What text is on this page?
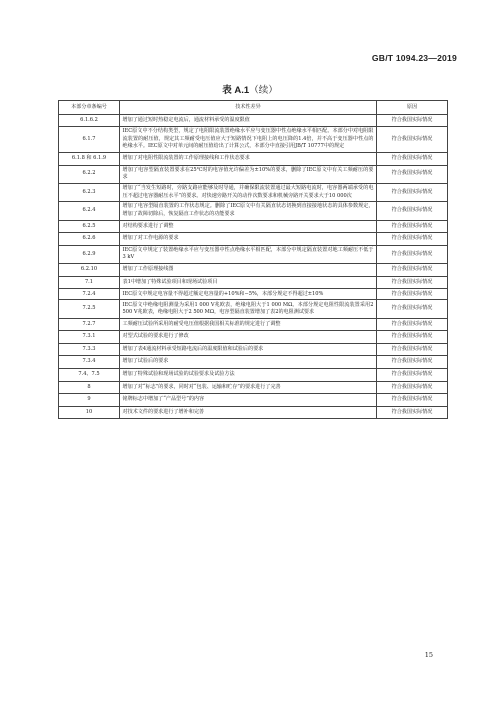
GB/T 1094.23—2019
表 A.1（续）
本部分章条编号	技术性差异	原因
6.1.6.2	增加了通过短时热稳定电流后，通流材料承受的温度限值	符合我国实际情况
6.1.7	IEC原文中不分结构类型，规定了电阻限流装置绝缘水平应与变压器中性点绝缘水平相匹配。本部分中对电阻限流装置的耐压值，规定其工频耐受电压值应大于短路情况下电阻上的电压降的1.4倍，并不高于变压器中性点的绝缘水平。IEC原文中对单元间的耐压值给出了计算公式，本部分中直接引用JB/T 10777中的规定	符合我国实际情况
6.1.8 和 6.1.9	增加了对电阻性限流装置的工作原理接线和工作状态要求	符合我国实际情况
6.2.2	增加了电容型隔直装置要求在25℃时的电容值允许偏差为±10%的要求，删除了IEC原文中有关工频耐压的要求	符合我国实际情况
6.2.3	增加了“当发生短路时，旁路支路应能够及时导通，并确保限流装置通过最大短路电流时，电容器两端承受的电压不超过电容器耐压水平”的要求。对快速旁路开关的动作次数要求和机械旁路开关要求大于10 000次	符合我国实际情况
6.2.4	增加了电容型隔直装置的工作状态规定。删除了IEC原文中有关隔直状态切换到直接接地状态的具体参数规定，增加了故障切除后，恢复隔直工作状态的功能要求	符合我国实际情况
6.2.5	对结构要求进行了调整	符合我国实际情况
6.2.6	增加了对工作电源的要求	符合我国实际情况
6.2.9	IEC原文中规定了装置绝缘水平应与变压器中性点绝缘水平相匹配，本部分中规定隔直装置对地工频耐压不低于3 kV	符合我国实际情况
6.2.10	增加了工作原理接线图	符合我国实际情况
7.1	表1中增加了特殊试验项目和现场试验项目	符合我国实际情况
7.2.4	IEC原文中规定电容量不得超过额定电容量的+10%和−5%，本部分规定不得超过±10%	符合我国实际情况
7.2.5	IEC原文中绝缘电阻测量为采用1 000 V兆欧表，绝缘电阻大于1 000 MΩ。本部分规定电阻性限流装置采用2 500 V兆欧表，绝缘电阻大于2 500 MΩ，电容型隔直装置增加了表2的电阻测试要求	符合我国实际情况
7.2.7	工频耐压试验所采用的耐受电压值根据我国相关标准的规定进行了调整	符合我国实际情况
7.3.1	对型式试验的要求进行了修改	符合我国实际情况
7.3.3	增加了表4通流材料承受短路电流后的温度限值和试验后的要求	符合我国实际情况
7.3.4	增加了试验后的要求	符合我国实际情况
7.4、7.5	增加了特殊试验和现场试验的试验要求及试验方法	符合我国实际情况
8	增加了对“标志”的要求，同时对“包装、运输和贮存”的要求进行了完善	符合我国实际情况
9	铭牌标志中增加了“产品型号”的内容	符合我国实际情况
10	对技术文件的要求进行了增补和完善	符合我国实际情况
15
